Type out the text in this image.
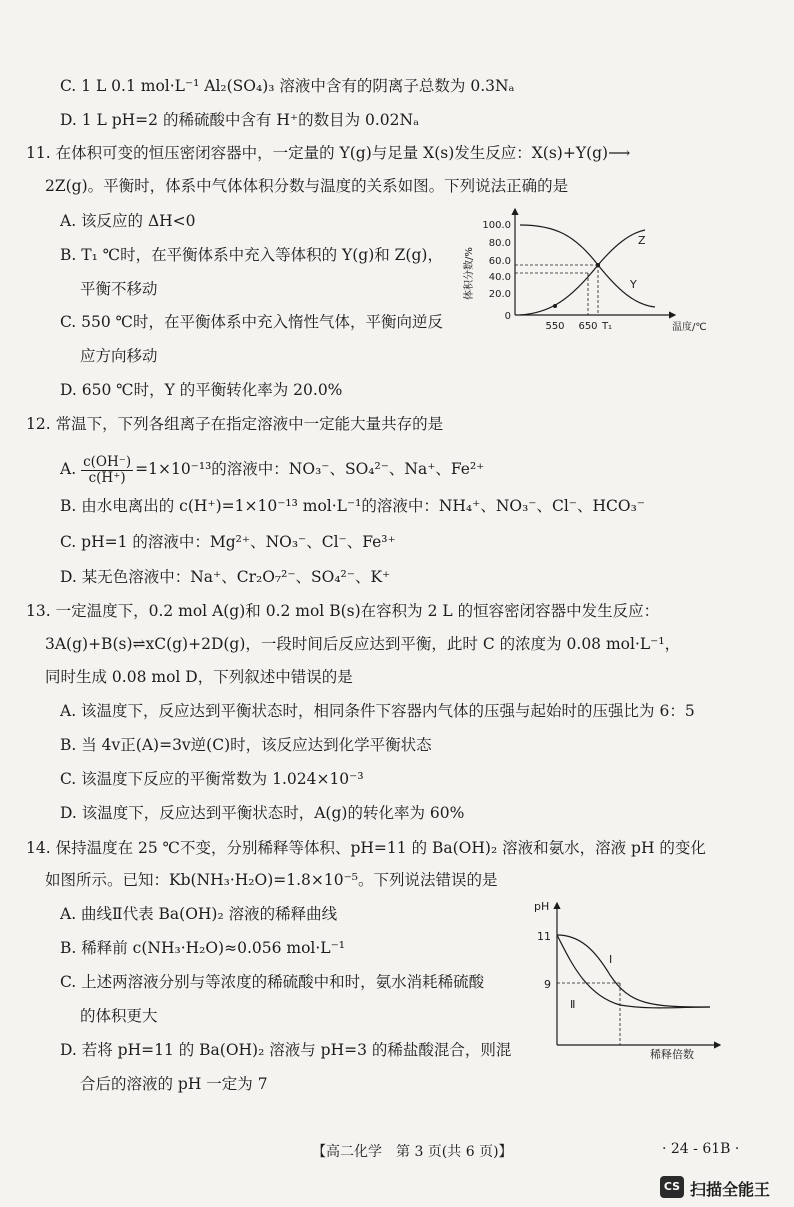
C. 1 L 0.1 mol·L⁻¹ Al₂(SO₄)₃ 溶液中含有的阴离子总数为 0.3Nₐ
D. 1 L pH=2 的稀硫酸中含有 H⁺的数目为 0.02Nₐ
11. 在体积可变的恒压密闭容器中，一定量的 Y(g)与足量 X(s)发生反应：X(s)+Y(g)⟶
2Z(g)。平衡时，体系中气体体积分数与温度的关系如图。下列说法正确的是
A. 该反应的 ΔH<0
B. T₁ ℃时，在平衡体系中充入等体积的 Y(g)和 Z(g)，
平衡不移动
C. 550 ℃时，在平衡体系中充入惰性气体，平衡向逆反
应方向移动
D. 650 ℃时，Y 的平衡转化率为 20.0%
体积分数/%
温度/℃
100.0
80.0
60.0
40.0
20.0
0
550 650 T₁
Z
Y
12. 常温下，下列各组离子在指定溶液中一定能大量共存的是
A. $\frac{c(OH^-)}{c(H^+)} =1\times 10^{-13}$的溶液中：NO₃⁻、SO₄²⁻、Na⁺、Fe²⁺
B. 由水电离出的 c(H⁺)=1×10⁻¹³ mol·L⁻¹的溶液中：NH₄⁺、NO₃⁻、Cl⁻、HCO₃⁻
C. pH=1 的溶液中：Mg²⁺、NO₃⁻、Cl⁻、Fe³⁺
D. 某无色溶液中：Na⁺、Cr₂O₇²⁻、SO₄²⁻、K⁺
13. 一定温度下，0.2 mol A(g)和 0.2 mol B(s)在容积为 2 L 的恒容密闭容器中发生反应：
3A(g)+B(s)⇌xC(g)+2D(g)，一段时间后反应达到平衡，此时 C 的浓度为 0.08 mol·L⁻¹，
同时生成 0.08 mol D，下列叙述中错误的是
A. 该温度下，反应达到平衡状态时，相同条件下容器内气体的压强与起始时的压强比为 6：5
B. 当 4v正(A)=3v逆(C)时，该反应达到化学平衡状态
C. 该温度下反应的平衡常数为 1.024×10⁻³
D. 该温度下，反应达到平衡状态时，A(g)的转化率为 60%
14. 保持温度在 25 ℃不变，分别稀释等体积、pH=11 的 Ba(OH)₂ 溶液和氨水，溶液 pH 的变化
如图所示。已知：Kb(NH₃·H₂O)=1.8×10⁻⁵。下列说法错误的是
A. 曲线Ⅱ代表 Ba(OH)₂ 溶液的稀释曲线
B. 稀释前 c(NH₃·H₂O)≈0.056 mol·L⁻¹
C. 上述两溶液分别与等浓度的稀硫酸中和时，氨水消耗稀硫酸
的体积更大
D. 若将 pH=11 的 Ba(OH)₂ 溶液与 pH=3 的稀盐酸混合，则混
合后的溶液的 pH 一定为 7
pH
稀释倍数
11
9
Ⅰ
Ⅱ
【高二化学　第 3 页(共 6 页)】	· 24 - 61B ·
CS 扫描全能王
